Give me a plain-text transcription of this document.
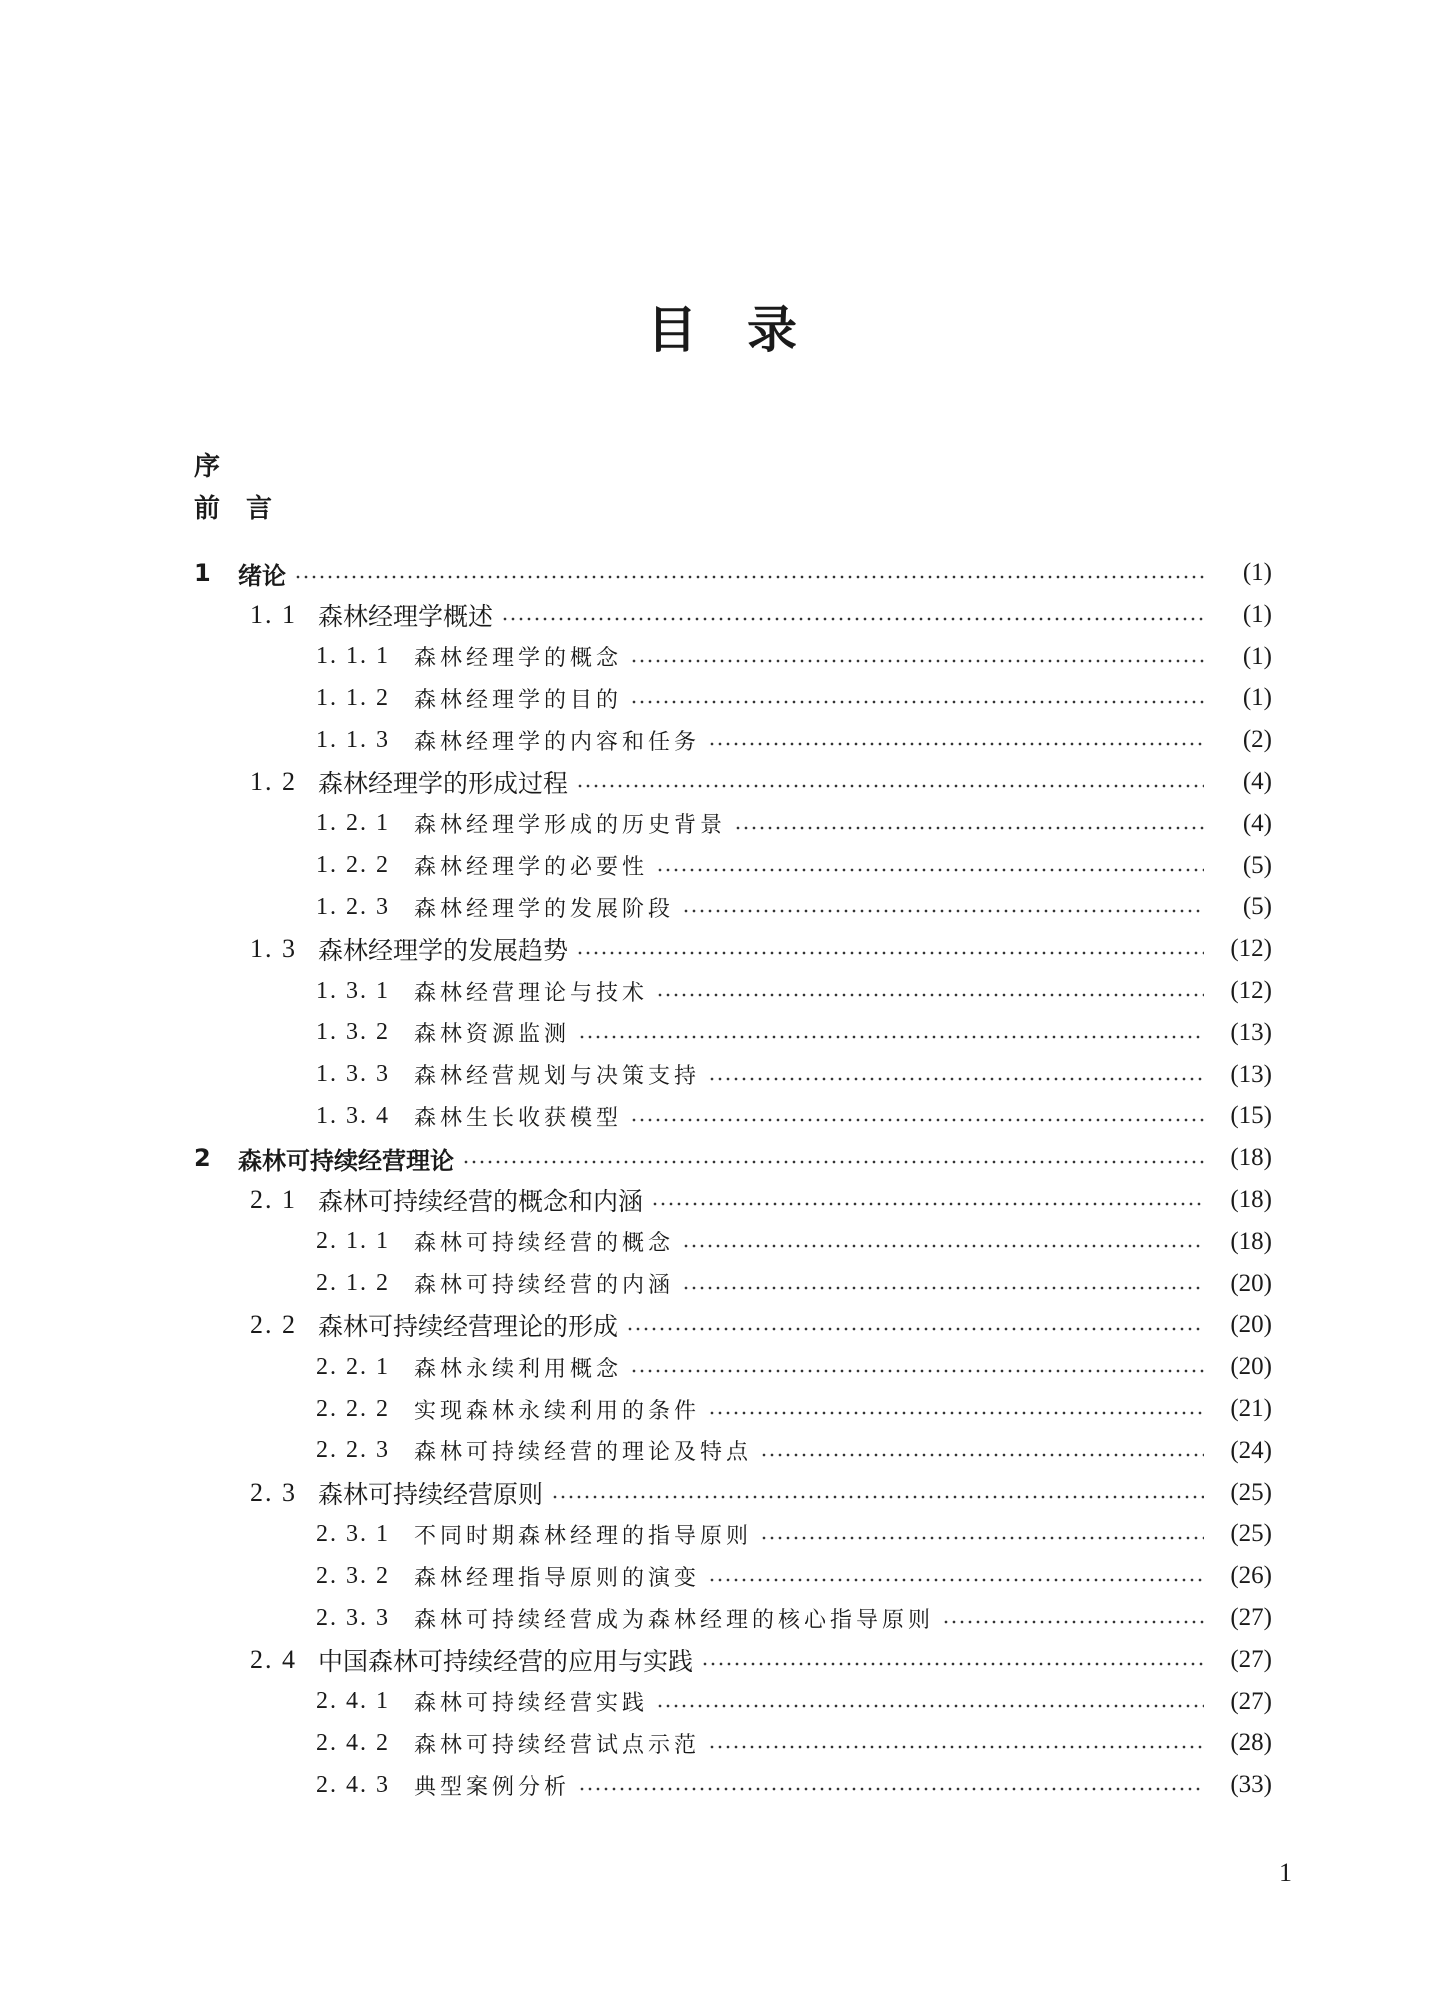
目　录
序
前　言
1	绪论	(1)
1. 1 森林经理学概述	(1)
1. 1. 1	森林经理学的概念	(1)
1. 1. 2	森林经理学的目的	(1)
1. 1. 3	森林经理学的内容和任务	(2)
1. 2 森林经理学的形成过程	(4)
1. 2. 1	森林经理学形成的历史背景	(4)
1. 2. 2	森林经理学的必要性	(5)
1. 2. 3	森林经理学的发展阶段	(5)
1. 3 森林经理学的发展趋势	(12)
1. 3. 1	森林经营理论与技术	(12)
1. 3. 2	森林资源监测	(13)
1. 3. 3	森林经营规划与决策支持	(13)
1. 3. 4	森林生长收获模型	(15)
2	森林可持续经营理论	(18)
2. 1 森林可持续经营的概念和内涵	(18)
2. 1. 1	森林可持续经营的概念	(18)
2. 1. 2	森林可持续经营的内涵	(20)
2. 2 森林可持续经营理论的形成	(20)
2. 2. 1	森林永续利用概念	(20)
2. 2. 2	实现森林永续利用的条件	(21)
2. 2. 3	森林可持续经营的理论及特点	(24)
2. 3 森林可持续经营原则	(25)
2. 3. 1	不同时期森林经理的指导原则	(25)
2. 3. 2	森林经理指导原则的演变	(26)
2. 3. 3	森林可持续经营成为森林经理的核心指导原则	(27)
2. 4 中国森林可持续经营的应用与实践	(27)
2. 4. 1	森林可持续经营实践	(27)
2. 4. 2	森林可持续经营试点示范	(28)
2. 4. 3	典型案例分析	(33)
1
